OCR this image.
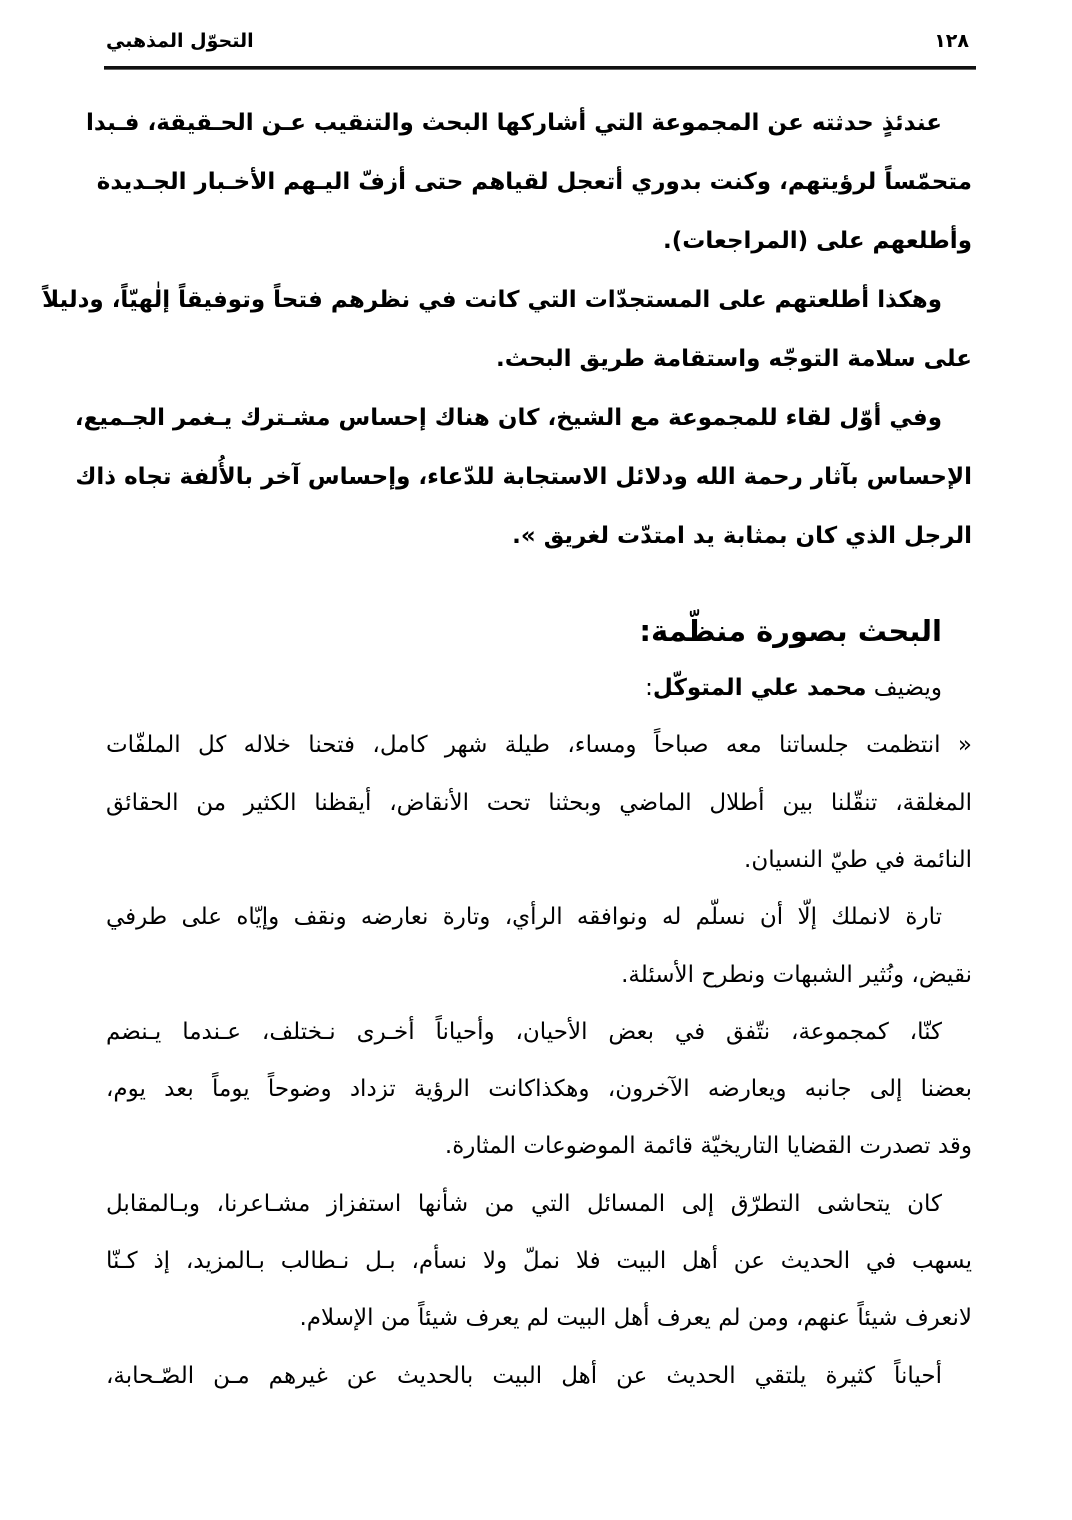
التحوّل المذهبي	١٢٨
عندئذٍ حدثته عن المجموعة التي أشاركها البحث والتنقيب عـن الحـقيقة، فـبدا
متحمّساً لرؤيتهم، وكنت بدوري أتعجل لقياهم حتى أزفّ اليـهم الأخـبار الجـديدة
وأطلعهم على (المراجعات).
وهكذا أطلعتهم على المستجدّات التي كانت في نظرهم فتحاً وتوفيقاً إلٰهيّاً، ودليلاً
على سلامة التوجّه واستقامة طريق البحث.
وفي أوّل لقاء للمجموعة مع الشيخ، كان هناك إحساس مشـترك يـغمر الجـميع،
الإحساس بآثار رحمة الله ودلائل الاستجابة للدّعاء، وإحساس آخر بالأُلفة تجاه ذاك
الرجل الذي كان بمثابة يد امتدّت لغريق ».
البحث بصورة منظّمة:
ويضيف محمد علي المتوكّل:
« انتظمت جلساتنا معه صباحاً ومساء، طيلة شهر كامل، فتحنا خلاله كل الملفّات
المغلقة، تنقّلنا بين أطلال الماضي وبحثنا تحت الأنقاض، أيقظنا الكثير من الحقائق
النائمة في طيّ النسيان.
تارة لانملك إلّا أن نسلّم له ونوافقه الرأي، وتارة نعارضه ونقف وإيّاه على طرفي
نقيض، ونُثير الشبهات ونطرح الأسئلة.
كنّا، كمجموعة، نتّفق في بعض الأحيان، وأحياناً أخـرى نـختلف، عـندما يـنضم
بعضنا إلى جانبه ويعارضه الآخرون، وهكذاكانت الرؤية تزداد وضوحاً يوماً بعد يوم،
وقد تصدرت القضايا التاريخيّة قائمة الموضوعات المثارة.
كان يتحاشى التطرّق إلى المسائل التي من شأنها استفزاز مشـاعرنا، وبـالمقابل
يسهب في الحديث عن أهل البيت فلا نملّ ولا نسأم، بـل نـطالب بـالمزيد، إذ كـنّا
لانعرف شيئاً عنهم، ومن لم يعرف أهل البيت لم يعرف شيئاً من الإسلام.
أحياناً كثيرة يلتقي الحديث عن أهل البيت بالحديث عن غيرهم مـن الصّـحابة،
